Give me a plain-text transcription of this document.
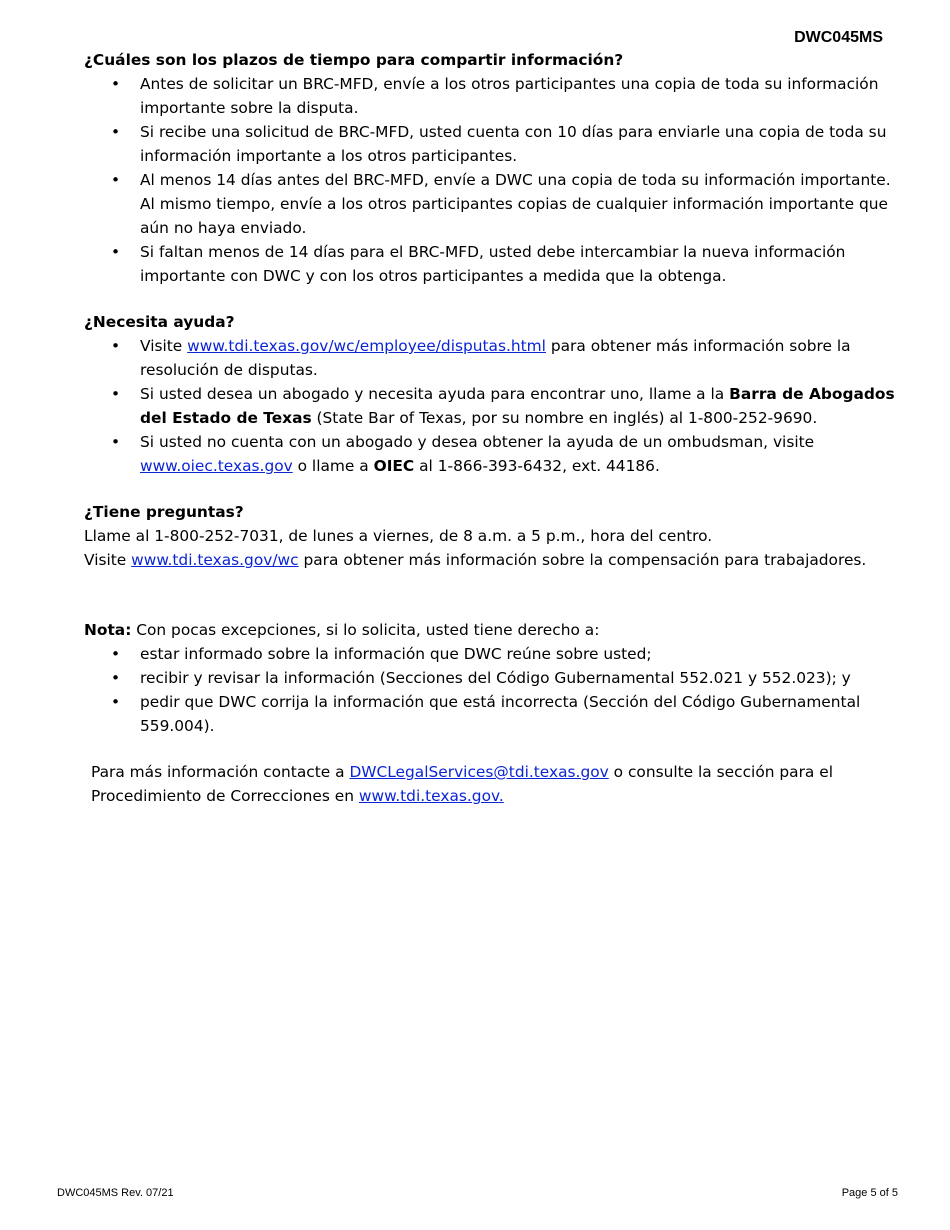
DWC045MS
¿Cuáles son los plazos de tiempo para compartir información?
• Antes de solicitar un BRC-MFD, envíe a los otros participantes una copia de toda su información importante sobre la disputa.
• Si recibe una solicitud de BRC-MFD, usted cuenta con 10 días para enviarle una copia de toda su información importante a los otros participantes.
• Al menos 14 días antes del BRC-MFD, envíe a DWC una copia de toda su información importante. Al mismo tiempo, envíe a los otros participantes copias de cualquier información importante que aún no haya enviado.
• Si faltan menos de 14 días para el BRC-MFD, usted debe intercambiar la nueva información importante con DWC y con los otros participantes a medida que la obtenga.
¿Necesita ayuda?
• Visite www.tdi.texas.gov/wc/employee/disputas.html para obtener más información sobre la resolución de disputas.
• Si usted desea un abogado y necesita ayuda para encontrar uno, llame a la Barra de Abogados del Estado de Texas (State Bar of Texas, por su nombre en inglés) al 1-800-252-9690.
• Si usted no cuenta con un abogado y desea obtener la ayuda de un ombudsman, visite www.oiec.texas.gov o llame a OIEC al 1-866-393-6432, ext. 44186.
¿Tiene preguntas?

Llame al 1-800-252-7031, de lunes a viernes, de 8 a.m. a 5 p.m., hora del centro.

Visite www.tdi.texas.gov/wc para obtener más información sobre la compensación para trabajadores.

Nota: Con pocas excepciones, si lo solicita, usted tiene derecho a:

• estar informado sobre la información que DWC reúne sobre usted;
• recibir y revisar la información (Secciones del Código Gubernamental 552.021 y 552.023); y
• pedir que DWC corrija la información que está incorrecta (Sección del Código Gubernamental 559.004).

Para más información contacte a DWCLegalServices@tdi.texas.gov o consulte la sección para el Procedimiento de Correcciones en www.tdi.texas.gov.

DWC045MS Rev. 07/21	Page 5 of 5
